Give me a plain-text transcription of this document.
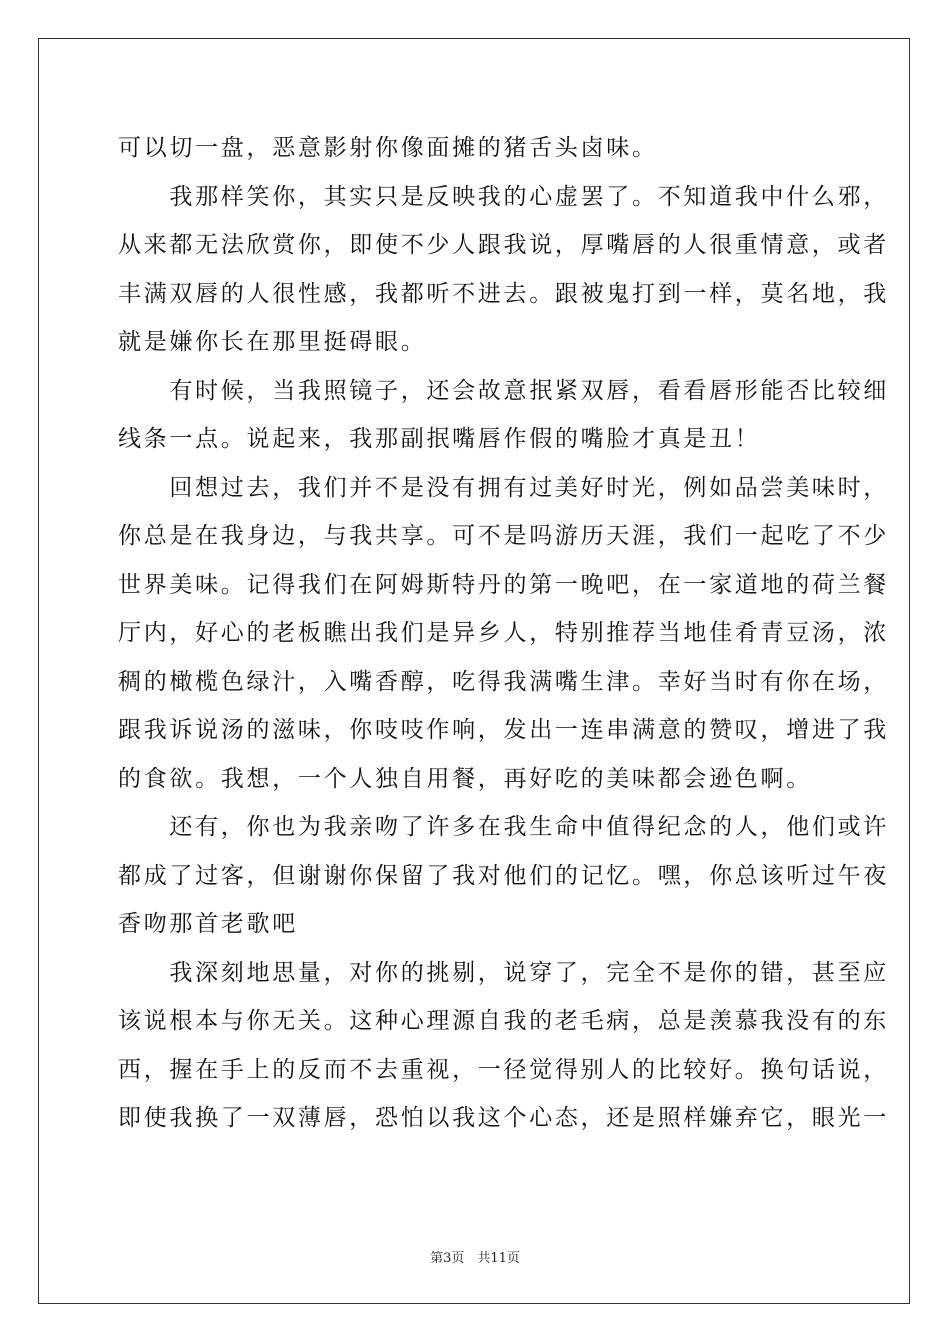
可以切一盘，恶意影射你像面摊的猪舌头卤味。
　　我那样笑你，其实只是反映我的心虚罢了。不知道我中什么邪，
从来都无法欣赏你，即使不少人跟我说，厚嘴唇的人很重情意，或者
丰满双唇的人很性感，我都听不进去。跟被鬼打到一样，莫名地，我
就是嫌你长在那里挺碍眼。
　　有时候，当我照镜子，还会故意抿紧双唇，看看唇形能否比较细
线条一点。说起来，我那副抿嘴唇作假的嘴脸才真是丑！
　　回想过去，我们并不是没有拥有过美好时光，例如品尝美味时，
你总是在我身边，与我共享。可不是吗游历天涯，我们一起吃了不少
世界美味。记得我们在阿姆斯特丹的第一晚吧，在一家道地的荷兰餐
厅内，好心的老板瞧出我们是异乡人，特别推荐当地佳肴青豆汤，浓
稠的橄榄色绿汁，入嘴香醇，吃得我满嘴生津。幸好当时有你在场，
跟我诉说汤的滋味，你吱吱作响，发出一连串满意的赞叹，增进了我
的食欲。我想，一个人独自用餐，再好吃的美味都会逊色啊。
　　还有，你也为我亲吻了许多在我生命中值得纪念的人，他们或许
都成了过客，但谢谢你保留了我对他们的记忆。嘿，你总该听过午夜
香吻那首老歌吧
　　我深刻地思量，对你的挑剔，说穿了，完全不是你的错，甚至应
该说根本与你无关。这种心理源自我的老毛病，总是羡慕我没有的东
西，握在手上的反而不去重视，一径觉得别人的比较好。换句话说，
即使我换了一双薄唇，恐怕以我这个心态，还是照样嫌弃它，眼光一
第3页　共11页
